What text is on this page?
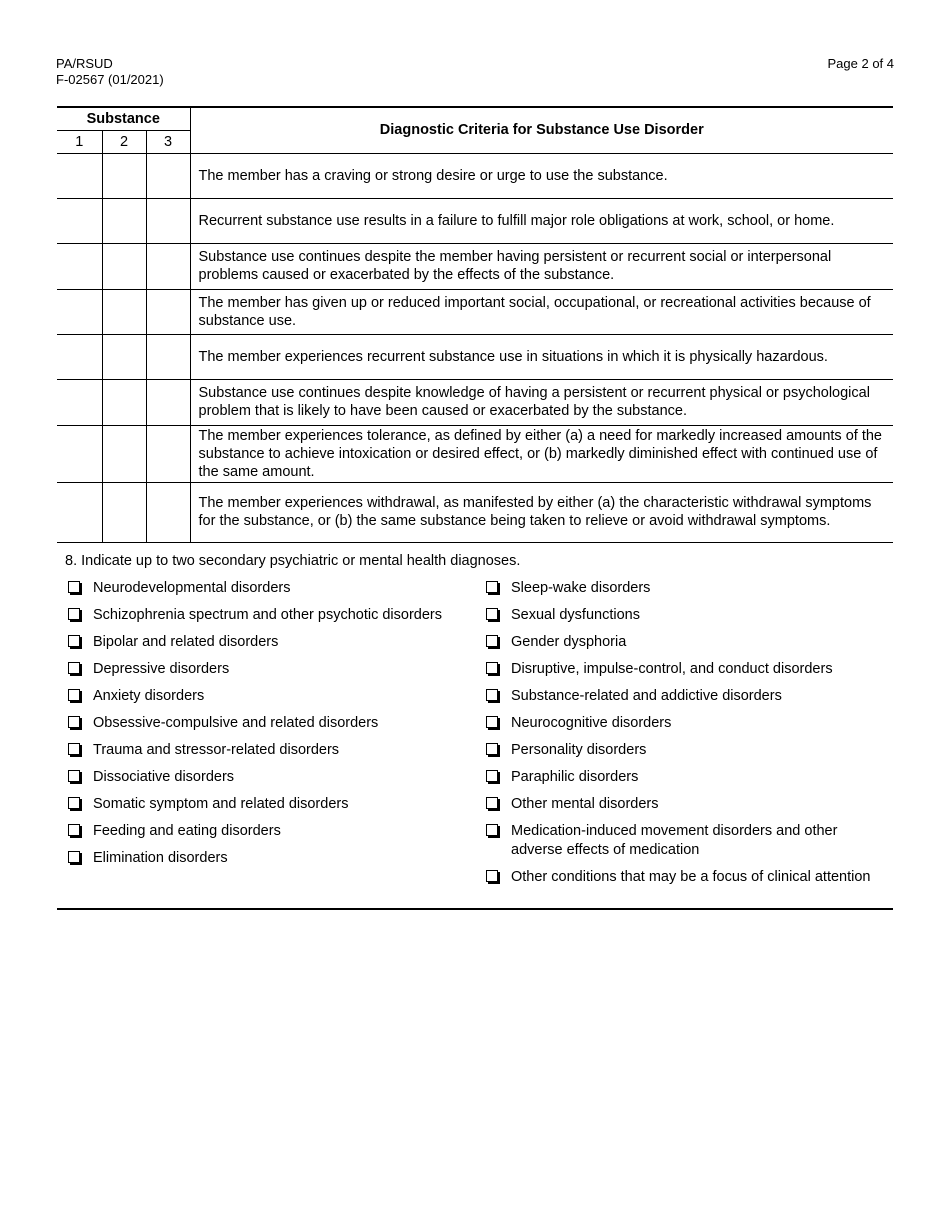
PA/RSUD
F-02567 (01/2021)
Page 2 of 4
Substance			Diagnostic Criteria for Substance Use Disorder
1	2	3	
			The member has a craving or strong desire or urge to use the substance.
			Recurrent substance use results in a failure to fulfill major role obligations at work, school, or home.
			Substance use continues despite the member having persistent or recurrent social or interpersonal problems caused or exacerbated by the effects of the substance.
			The member has given up or reduced important social, occupational, or recreational activities because of substance use.
			The member experiences recurrent substance use in situations in which it is physically hazardous.
			Substance use continues despite knowledge of having a persistent or recurrent physical or psychological problem that is likely to have been caused or exacerbated by the substance.
			The member experiences tolerance, as defined by either (a) a need for markedly increased amounts of the substance to achieve intoxication or desired effect, or (b) markedly diminished effect with continued use of the same amount.
			The member experiences withdrawal, as manifested by either (a) the characteristic withdrawal symptoms for the substance, or (b) the same substance being taken to relieve or avoid withdrawal symptoms.
8. Indicate up to two secondary psychiatric or mental health diagnoses.
Neurodevelopmental disorders
Schizophrenia spectrum and other psychotic disorders
Bipolar and related disorders
Depressive disorders
Anxiety disorders
Obsessive-compulsive and related disorders
Trauma and stressor-related disorders
Dissociative disorders
Somatic symptom and related disorders
Feeding and eating disorders
Elimination disorders
Sleep-wake disorders
Sexual dysfunctions
Gender dysphoria
Disruptive, impulse-control, and conduct disorders
Substance-related and addictive disorders
Neurocognitive disorders
Personality disorders
Paraphilic disorders
Other mental disorders
Medication-induced movement disorders and other adverse effects of medication
Other conditions that may be a focus of clinical attention
